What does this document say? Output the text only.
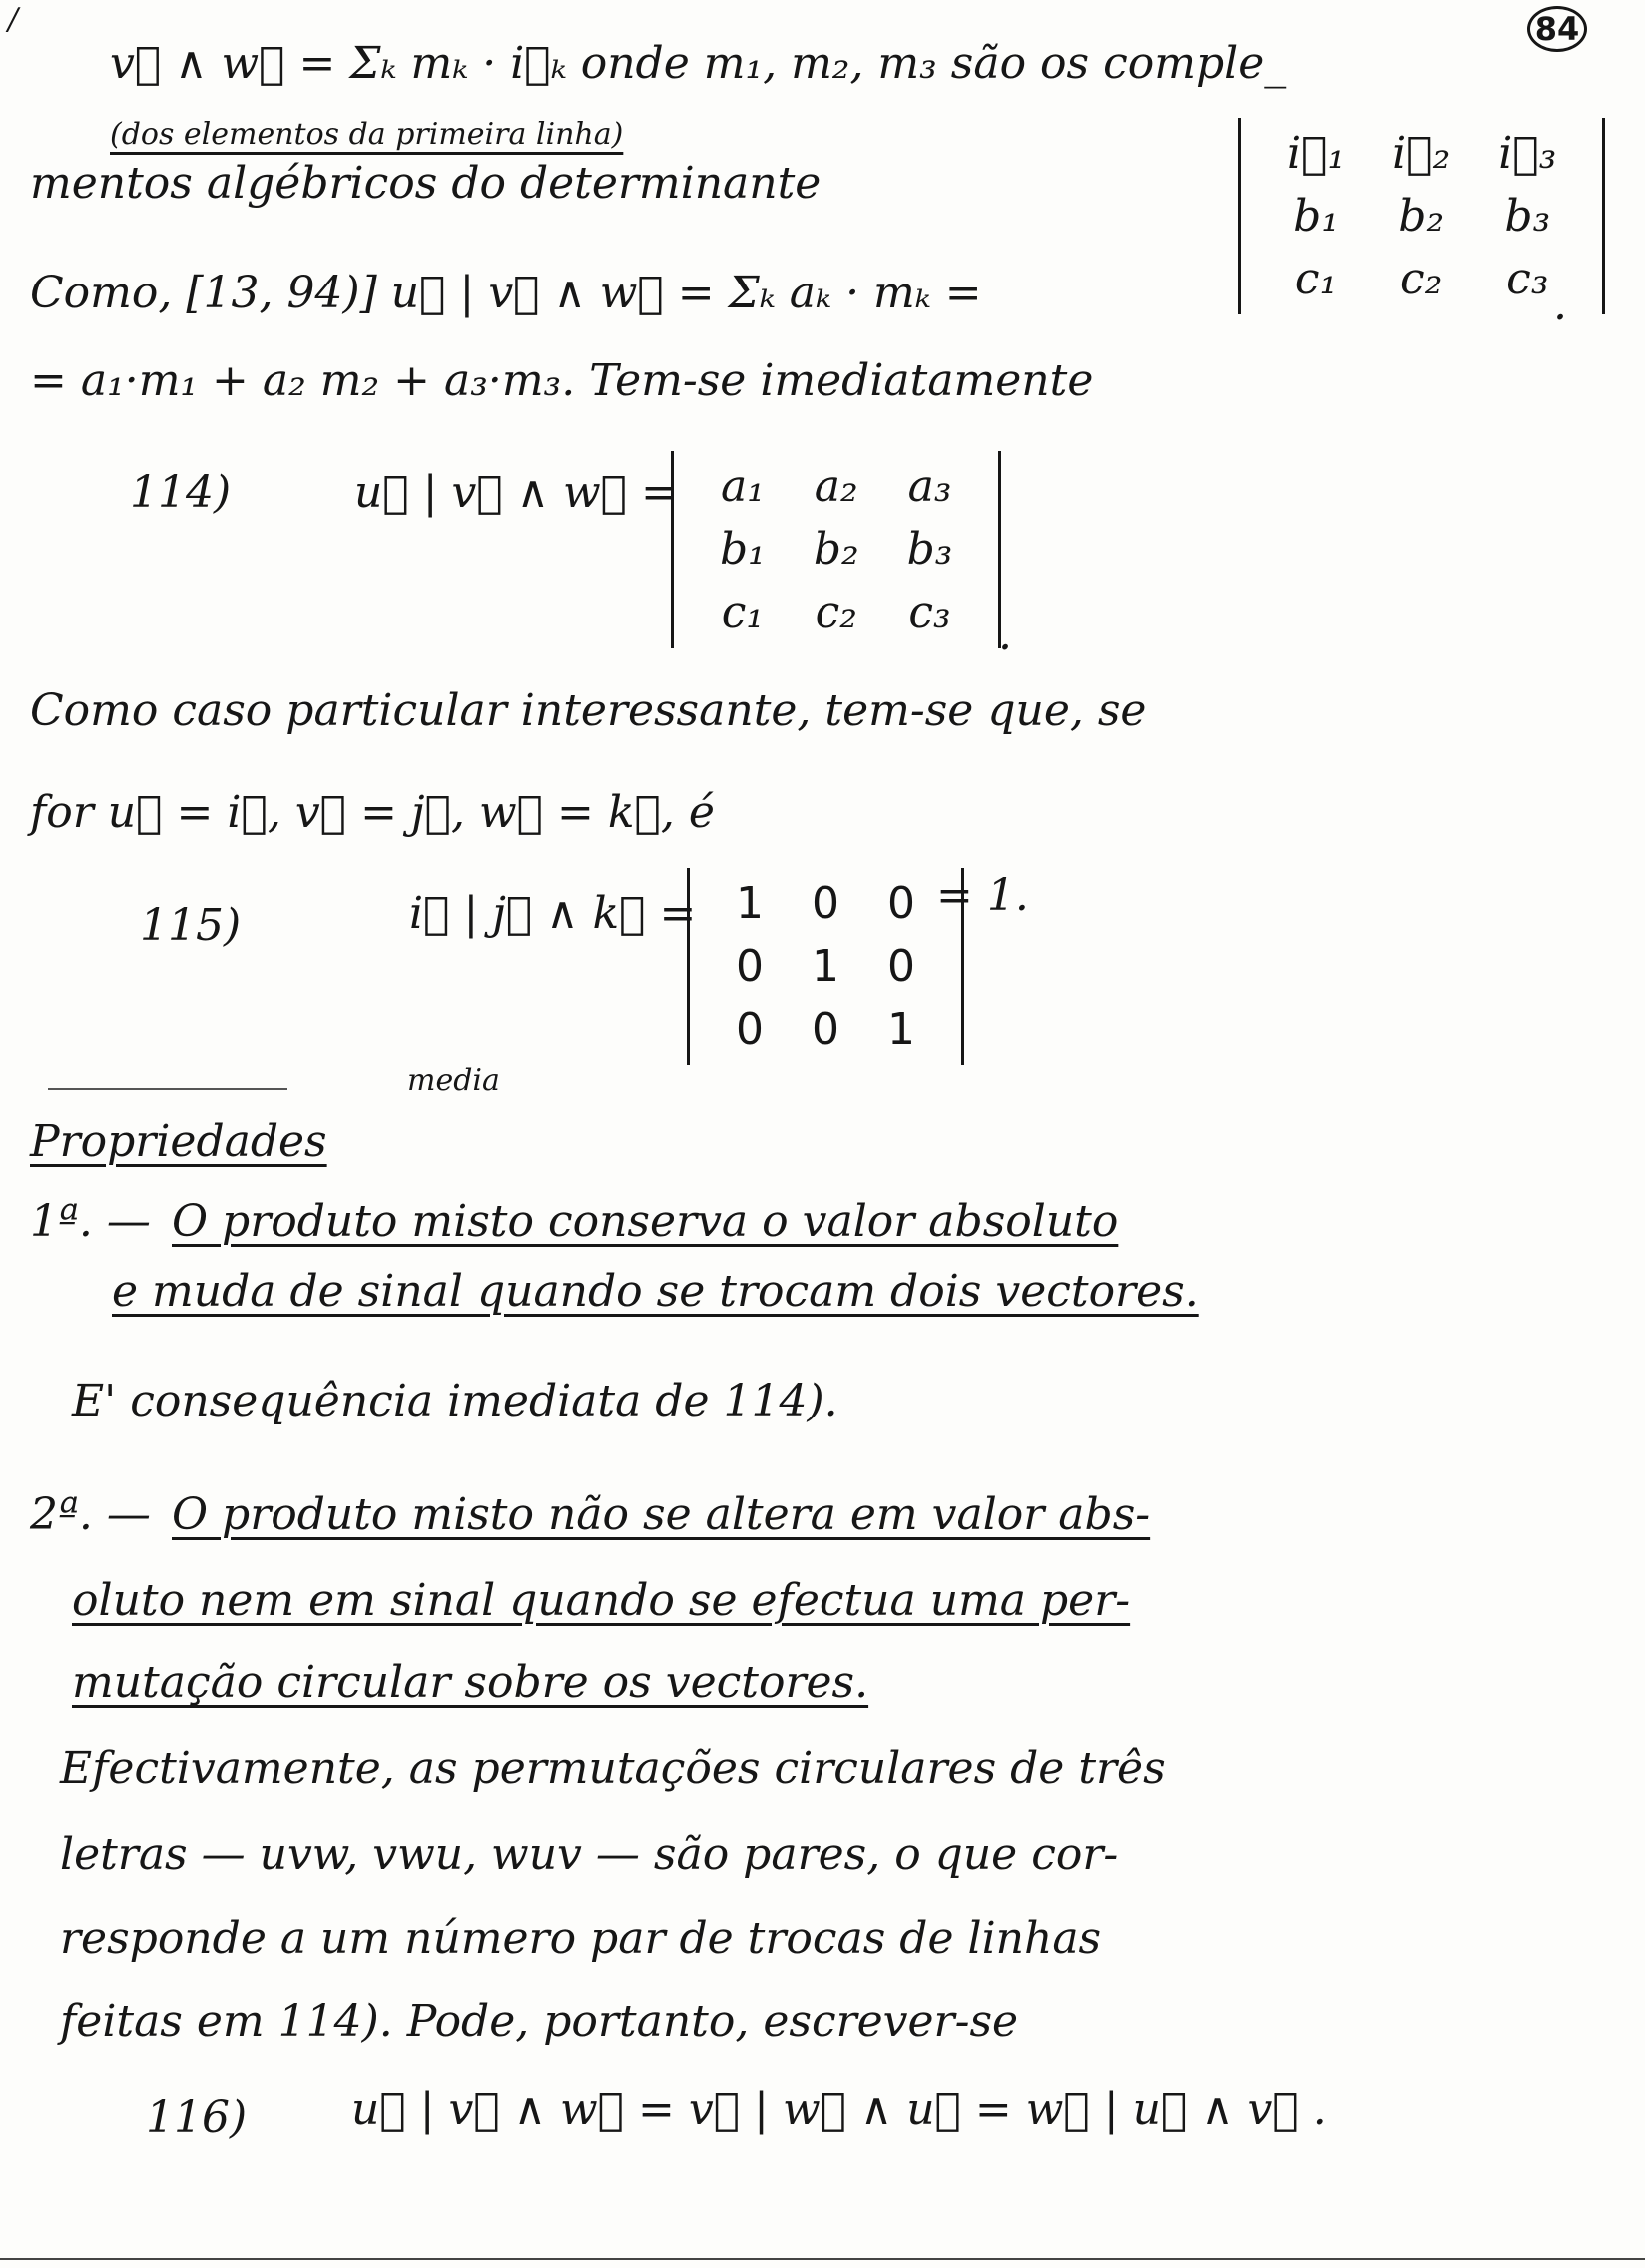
/	84
v⃗ ∧ w⃗ = Σₖ mₖ · i⃗ₖ onde m₁, m₂, m₃ são os comple_
(dos elementos da primeira linha)
mentos algébricos do determinante
i⃗₁	i⃗₂	i⃗₃
b₁	b₂	b₃
c₁	c₂	c₃
.
Como, [13, 94)] u⃗ | v⃗ ∧ w⃗ = Σₖ aₖ · mₖ =
= a₁·m₁ + a₂ m₂ + a₃·m₃. Tem-se imediatamente
114)	u⃗ | v⃗ ∧ w⃗ = a₁	a₂	a₃
b₁	b₂	b₃
c₁	c₂	c₃ .
Como caso particular interessante, tem-se que, se
for u⃗ = i⃗, v⃗ = j⃗, w⃗ = k⃗, é
115)	i⃗ | j⃗ ∧ k⃗ = 1	0	0
0	1	0
0	0	1
= 1.
media
Propriedades
1ª. — O produto misto conserva o valor absoluto
e muda de sinal quando se trocam dois vectores.
E' consequência imediata de 114).
2ª. — O produto misto não se altera em valor abs-
oluto nem em sinal quando se efectua uma per-
mutação circular sobre os vectores.
Efectivamente, as permutações circulares de três
letras — uvw, vwu, wuv — são pares, o que cor-
responde a um número par de trocas de linhas
feitas em 114). Pode, portanto, escrever-se
116) u⃗ | v⃗ ∧ w⃗ = v⃗ | w⃗ ∧ u⃗ = w⃗ | u⃗ ∧ v⃗ .
